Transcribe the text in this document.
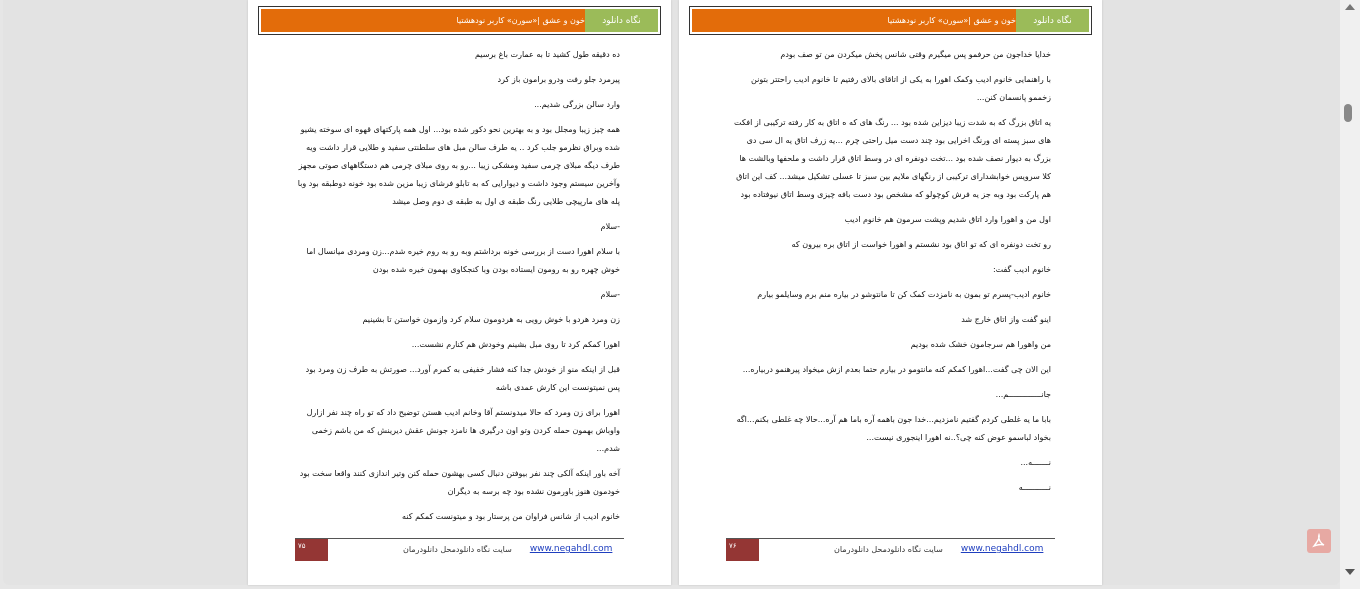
خون و عشق |«سورن» کاربر نودهشتیا	نگاه دانلود

خدایا خداجون من حرفمو پس میگیرم وقتی شانس پخش میکردن من تو صف بودم

با راهنمایی خانوم ادیب وکمک اهورا به یکی از اتاقای بالای رفتیم تا خانوم ادیب راحتتر بتونن زخممو پانسمان کنن...

یه اتاق بزرگ که به شدت زیبا دیزاین شده بود ... رنگ های که ه اتاق به کار رفته ترکیبی از افکت های سبز پسته ای ورنگ اخرایی بود چند دست میل راحتی چرم ...یه زرف اتاق یه ال سی دی بزرگ به دیوار نصف شده بود ...تخت دونفره ای در وسط اتاق قرار داشت و ملحفها وبالشت ها کلا سرویس خوابشدارای ترکیبی از رنگهای ملایم بین سبز تا عسلی تشکیل میشد... کف این اتاق هم پارکت بود وبه جز یه فرش کوچولو که مشخص بود دست بافه چیزی وسط اتاق نیوفتاده بود

اول من و اهورا وارد اتاق شدیم وپشت سرمون هم خانوم ادیب

رو تخت دونفره ای که تو اتاق بود نشستم و اهورا خواست از اتاق بره بیرون که

خانوم ادیب گفت:

خانوم ادیب-پسرم تو بمون به نامزدت کمک کن تا مانتوشو در بیاره منم برم وسایلمو بیارم

اینو گفت واز اتاق خارج شد

من واهورا هم سرجامون خشک شده بودیم

این الان چی گفت...اهورا کمکم کنه مانتومو در بیارم حتما بعدم ازش میخواد پیرهنمو دربیاره...

جانــــــــــــــم...

بابا ما یه غلطی کردم گفتیم نامزدیم...خدا جون باهمه آره باما هم آره...حالا چه غلطی بکنم...اگه بخواد لباسمو عوض کنه چی؟..نه اهورا اینجوری نیست...

نـــــــه...

نـــــــــــه

۷۶	سایت نگاه دانلودمحل دانلودرمان www.negahdl.com
خون و عشق |«سورن» کاربر نودهشتیا	نگاه دانلود

ده دقیقه طول کشید تا به عمارت باغ برسیم

پیرمرد جلو رفت ودرو برامون باز کرد

وارد سالن بزرگی شدیم...

همه چیز زیبا ومجلل بود و به بهترین نحو دکور شده بود... اول همه پارکتهای قهوه ای سوخته یشیو شده وبراق نظرمو جلب کرد .. یه طرف سالن مبل های سلطنتی سفید و طلایی قرار داشت ویه طرف دیگه مبلای چرمی سفید ومشکی زیبا ...رو به روی مبلای چرمی هم دستگاههای صوتی مجهز وآخرین سیستم وجود داشت و دیوارایی که به تابلو فرشای زیبا مزین شده بود خونه دوطبقه بود وبا پله های مارپیچی طلایی رنگ طبقه ی اول به طبقه ی دوم وصل میشد

-سلام

با سلام اهورا دست از بررسی خونه برداشتم وبه رو به روم خیره شدم...زن ومردی میانسال اما خوش چهره رو به رومون ایستاده بودن وبا کنجکاوی بهمون خیره شده بودن

-سلام

زن ومرد هردو با خوش رویی به هردومون سلام کرد وازمون خواستن تا بشینیم

اهورا کمکم کرد تا روی مبل بشینم وخودش هم کنارم نشست...

قبل از اینکه منو از خودش جدا کنه فشار خفیفی به کمرم آورد... صورتش به طرف زن ومرد بود پس نمیتونست این کارش عمدی باشه

اهورا برای زن ومرد که حالا میدونستم آقا وخانم ادیب هستن توضیح داد که تو راه چند نفر ازارل واوباش بهمون حمله کردن وتو اون درگیری ها نامزد جونش عقش دیرینش که من باشم زخمی شدم...

آخه باور اینکه آلکی چند نفر بیوفتن دنبال کسی بهشون حمله کنن وتیر اندازی کنند واقعا سخت بود خودمون هنوز باورمون نشده بود چه برسه به دیگران

خانوم ادیب از شانس فراوان من پرستار بود و میتونست کمکم کنه

۷۵	سایت نگاه دانلودمحل دانلودرمان www.negahdl.com
